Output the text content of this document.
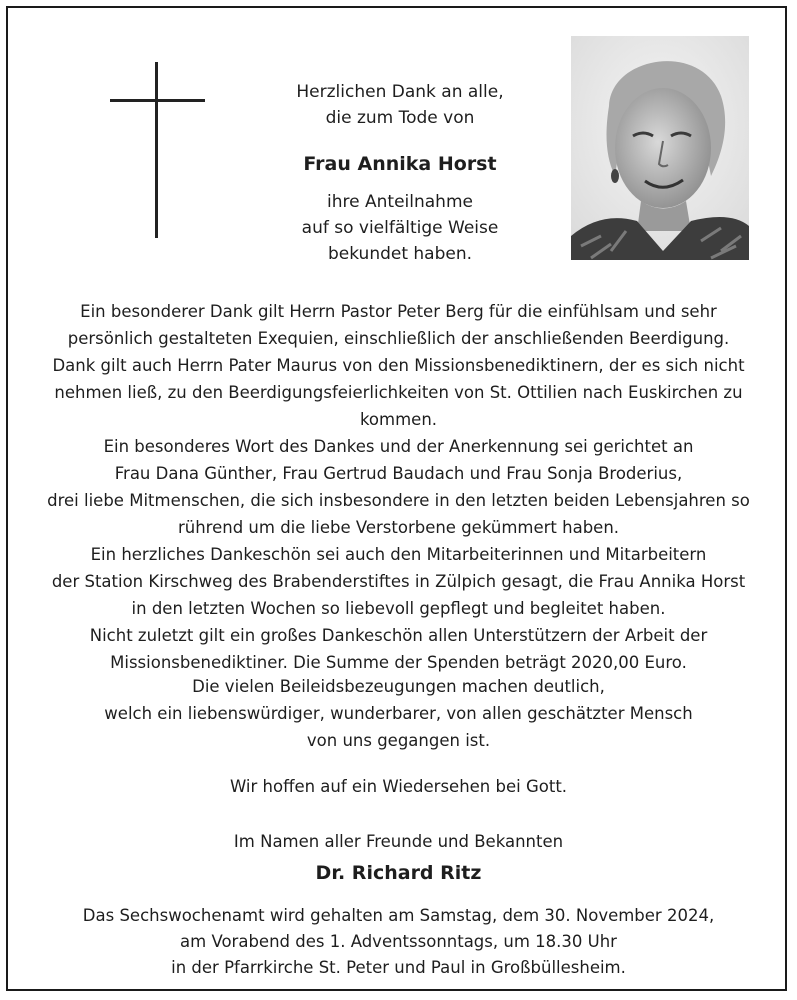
Herzlichen Dank an alle,
die zum Tode von
Frau Annika Horst
ihre Anteilnahme
auf so vielfältige Weise
bekundet haben.
Ein besonderer Dank gilt Herrn Pastor Peter Berg für die einfühlsam und sehr
persönlich gestalteten Exequien, einschließlich der anschließenden Beerdigung.
Dank gilt auch Herrn Pater Maurus von den Missionsbenediktinern, der es sich nicht
nehmen ließ, zu den Beerdigungsfeierlichkeiten von St. Ottilien nach Euskirchen zu
kommen.
Ein besonderes Wort des Dankes und der Anerkennung sei gerichtet an
Frau Dana Günther, Frau Gertrud Baudach und Frau Sonja Broderius,
drei liebe Mitmenschen, die sich insbesondere in den letzten beiden Lebensjahren so
rührend um die liebe Verstorbene gekümmert haben.
Ein herzliches Dankeschön sei auch den Mitarbeiterinnen und Mitarbeitern
der Station Kirschweg des Brabenderstiftes in Zülpich gesagt, die Frau Annika Horst
in den letzten Wochen so liebevoll gepflegt und begleitet haben.
Nicht zuletzt gilt ein großes Dankeschön allen Unterstützern der Arbeit der
Missionsbenediktiner. Die Summe der Spenden beträgt 2020,00 Euro.
Die vielen Beileidsbezeugungen machen deutlich,
welch ein liebenswürdiger, wunderbarer, von allen geschätzter Mensch
von uns gegangen ist.
Wir hoffen auf ein Wiedersehen bei Gott.
Im Namen aller Freunde und Bekannten
Dr. Richard Ritz
Das Sechswochenamt wird gehalten am Samstag, dem 30. November 2024,
am Vorabend des 1. Adventssonntags, um 18.30 Uhr
in der Pfarrkirche St. Peter und Paul in Großbüllesheim.
